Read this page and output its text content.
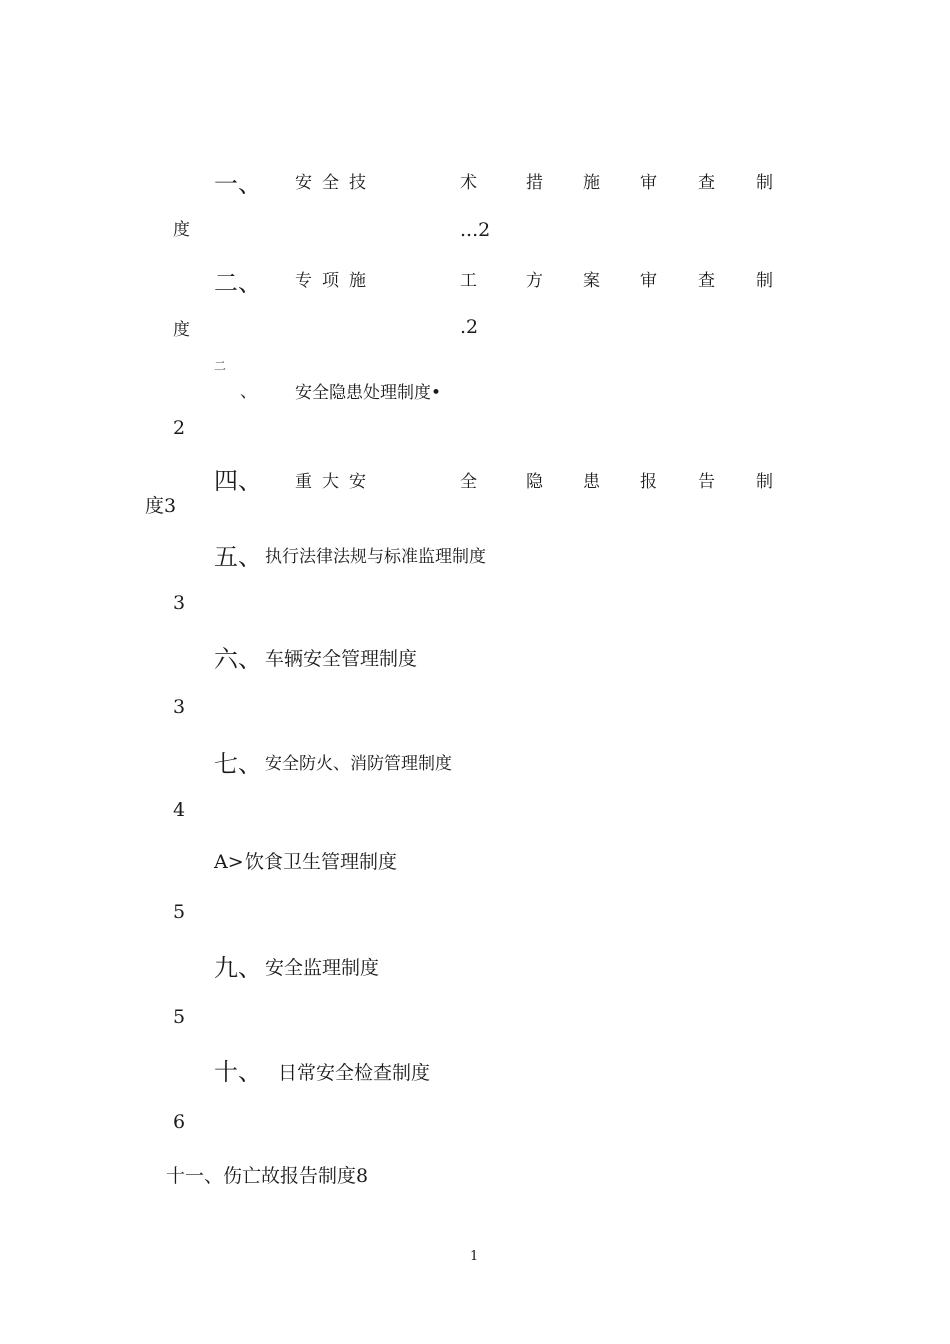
一、 安 全 技	术	措 施 审 查 制
度	...2
二、 专 项 施	工	方 案 审 查 制
度	.2
二
、 安全隐患处理制度•
2
四、 重 大 安	全	隐 患 报 告 制
度3
五、 执行法律法规与标准监理制度
3
六、 车辆安全管理制度
3
七、 安全防火、消防管理制度
4
A> 饮食卫生管理制度
5
九、 安全监理制度
5
十、 日常安全检查制度
6
十一、伤亡故报告制度8
1
